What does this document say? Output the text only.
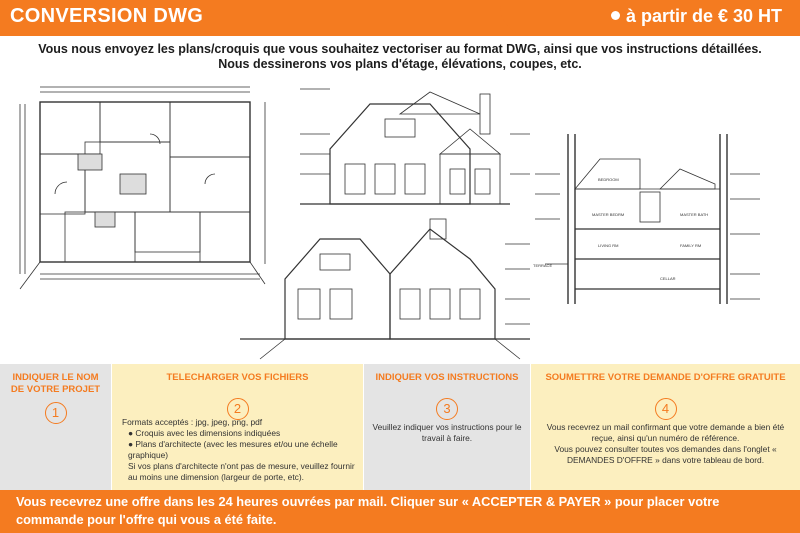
CONVERSION DWG	à partir de € 30 HT
Vous nous envoyez les plans/croquis que vous souhaitez vectoriser au format DWG, ainsi que vos instructions détaillées.
Nous dessinerons vos plans d'étage, élévations, coupes, etc.
BEDROOM
MASTER BEDRM	MASTER BATH
LIVING RM	FAMILY RM
CELLAR
TERRACE
INDIQUER LE NOM DE VOTRE PROJET
1
TELECHARGER VOS FICHIERS
2
Formats acceptés : jpg, jpeg, png, pdf
● Croquis avec les dimensions indiquées
● Plans d'architecte (avec les mesures et/ou une échelle graphique)
Si vos plans d'architecte n'ont pas de mesure, veuillez fournir au moins une dimension (largeur de porte, etc).
INDIQUER VOS INSTRUCTIONS
3
Veuillez indiquer vos instructions pour le travail à faire.
SOUMETTRE VOTRE DEMANDE D'OFFRE GRATUITE
4
Vous recevrez un mail confirmant que votre demande a bien été reçue, ainsi qu'un numéro de référence.
Vous pouvez consulter toutes vos demandes dans l'onglet « DEMANDES D'OFFRE » dans votre tableau de bord.
Vous recevrez une offre dans les 24 heures ouvrées par mail. Cliquer sur « ACCEPTER & PAYER » pour placer votre commande pour l'offre qui vous a été faite.
